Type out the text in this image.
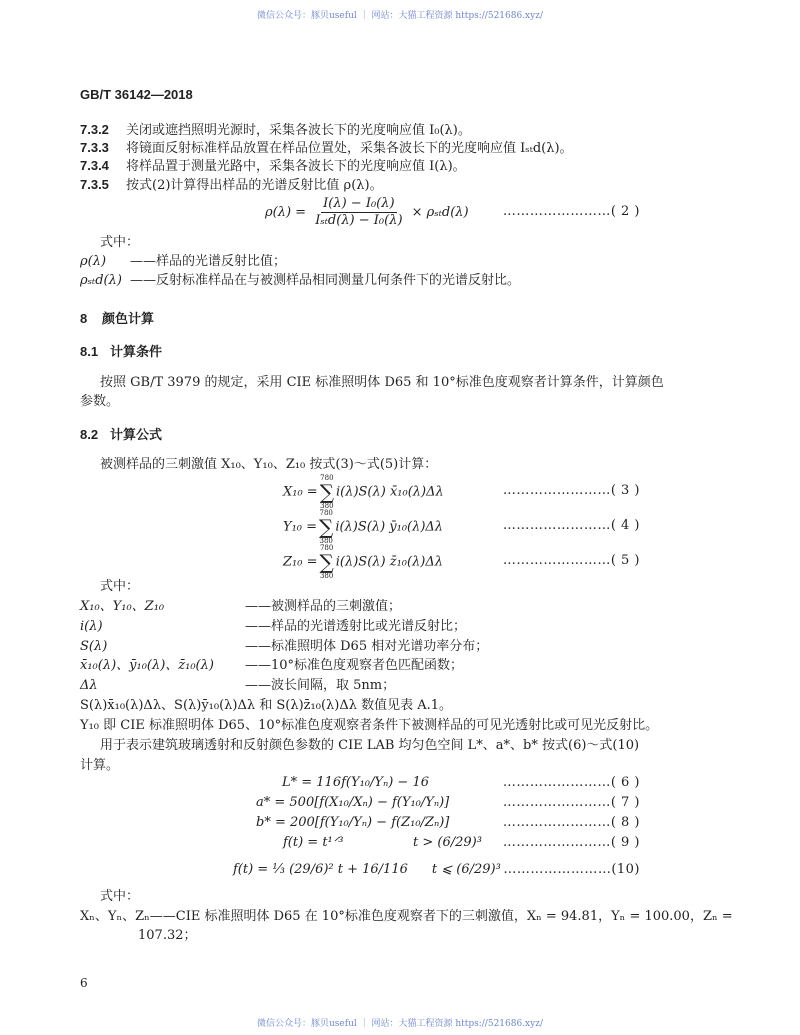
微信公众号：豚贝useful ｜ 网站：大猫工程资源 https://521686.xyz/
GB/T 36142—2018
7.3.2 关闭或遮挡照明光源时，采集各波长下的光度响应值 I₀(λ)。
7.3.3 将镜面反射标准样品放置在样品位置处，采集各波长下的光度响应值 Iₛₜd(λ)。
7.3.4 将样品置于测量光路中，采集各波长下的光度响应值 I(λ)。
7.3.5 按式(2)计算得出样品的光谱反射比值 ρ(λ)。
$\rho(\lambda) = \frac{\text{I(λ) − I₀(λ)}}{\text{Iₛₜd(λ) − I₀(λ)}} \times \rho_{st}d(\lambda)$	……………………( 2 )
式中：
ρ(λ) ——样品的光谱反射比值；
ρₛₜd(λ) ——反射标准样品在与被测样品相同测量几何条件下的光谱反射比。
8 颜色计算
8.1 计算条件
按照 GB/T 3979 的规定，采用 CIE 标准照明体 D65 和 10°标准色度观察者计算条件，计算颜色
参数。
8.2 计算公式
被测样品的三刺激值 X₁₀、Y₁₀、Z₁₀ 按式(3)～式(5)计算：
X₁₀ =
780
∑
380
i(λ)S(λ) x̄₁₀(λ)Δλ	……………………( 3 )
Y₁₀ =
780
∑
380
i(λ)S(λ) ȳ₁₀(λ)Δλ	……………………( 4 )
Z₁₀ =
780
∑
380
i(λ)S(λ) z̄₁₀(λ)Δλ	……………………( 5 )
式中：
X₁₀、Y₁₀、Z₁₀	——被测样品的三刺激值；
i(λ)	——样品的光谱透射比或光谱反射比；
S(λ)	——标准照明体 D65 相对光谱功率分布；
x̄₁₀(λ)、ȳ₁₀(λ)、z̄₁₀(λ) ——10°标准色度观察者色匹配函数；
Δλ	——波长间隔，取 5nm；
S(λ)x̄₁₀(λ)Δλ、S(λ)ȳ₁₀(λ)Δλ 和 S(λ)z̄₁₀(λ)Δλ 数值见表 A.1。
Y₁₀ 即 CIE 标准照明体 D65、10°标准色度观察者条件下被测样品的可见光透射比或可见光反射比。
用于表示建筑玻璃透射和反射颜色参数的 CIE LAB 均匀色空间 L*、a*、b* 按式(6)～式(10)
计算。
L* = 116f(Y₁₀/Yₙ) − 16	……………………( 6 )
a* = 500[f(X₁₀/Xₙ) − f(Y₁₀/Yₙ)]	……………………( 7 )
b* = 200[f(Y₁₀/Yₙ) − f(Z₁₀/Zₙ)]	……………………( 8 )
f(t) = t¹ᐟ³	t > (6/29)³ ……………………( 9 )
f(t) = ⅓ (29/6)² t + 16/116 t ⩽ (6/29)³ ……………………(10)
式中：
Xₙ、Yₙ、Zₙ——CIE 标准照明体 D65 在 10°标准色度观察者下的三刺激值，Xₙ = 94.81，Yₙ = 100.00，Zₙ =
107.32；
6
微信公众号：豚贝useful ｜ 网站：大猫工程资源 https://521686.xyz/
